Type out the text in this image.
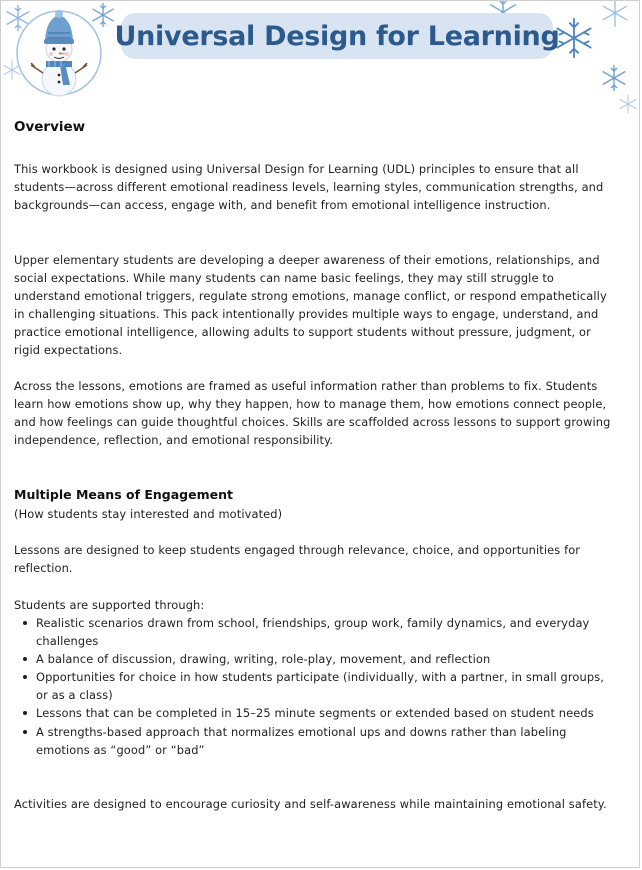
Universal Design for Learning
Overview
This workbook is designed using Universal Design for Learning (UDL) principles to ensure that all students—across different emotional readiness levels, learning styles, communication strengths, and backgrounds—can access, engage with, and benefit from emotional intelligence instruction.
Upper elementary students are developing a deeper awareness of their emotions, relationships, and social expectations. While many students can name basic feelings, they may still struggle to understand emotional triggers, regulate strong emotions, manage conflict, or respond empathetically in challenging situations. This pack intentionally provides multiple ways to engage, understand, and practice emotional intelligence, allowing adults to support students without pressure, judgment, or rigid expectations.
Across the lessons, emotions are framed as useful information rather than problems to fix. Students learn how emotions show up, why they happen, how to manage them, how emotions connect people, and how feelings can guide thoughtful choices. Skills are scaffolded across lessons to support growing independence, reflection, and emotional responsibility.
Multiple Means of Engagement
(How students stay interested and motivated)
Lessons are designed to keep students engaged through relevance, choice, and opportunities for reflection.
Students are supported through:
Realistic scenarios drawn from school, friendships, group work, family dynamics, and everyday challenges
A balance of discussion, drawing, writing, role-play, movement, and reflection
Opportunities for choice in how students participate (individually, with a partner, in small groups, or as a class)
Lessons that can be completed in 15–25 minute segments or extended based on student needs
A strengths-based approach that normalizes emotional ups and downs rather than labeling emotions as “good” or “bad”
Activities are designed to encourage curiosity and self-awareness while maintaining emotional safety.
